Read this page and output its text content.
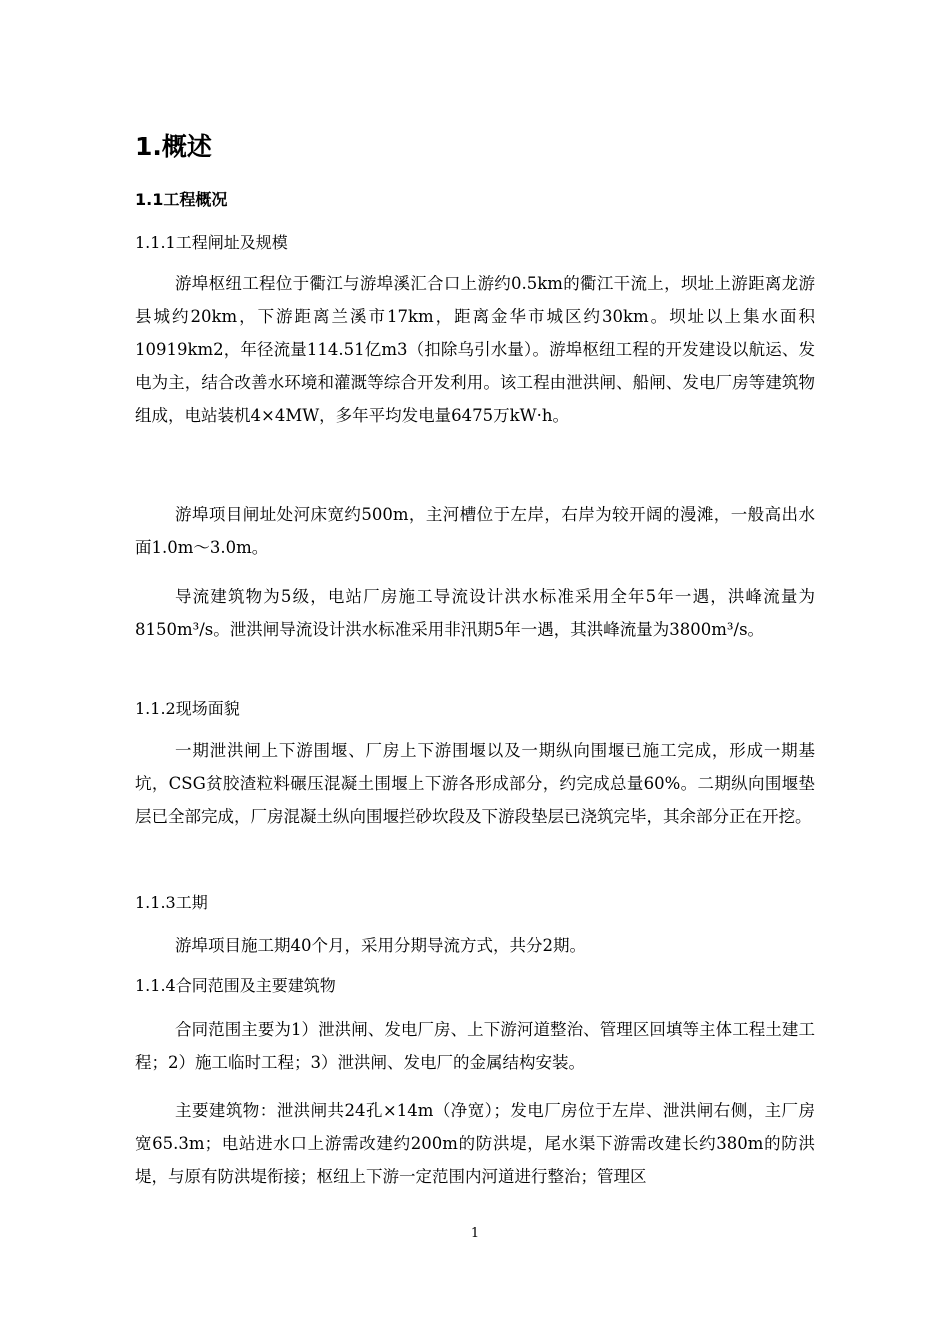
1.概述
1.1工程概况
1.1.1工程闸址及规模

游埠枢纽工程位于衢江与游埠溪汇合口上游约0.5km的衢江干流上，坝址上游距离龙游县城约20km，下游距离兰溪市17km，距离金华市城区约30km。坝址以上集水面积10919km2，年径流量114.51亿m3（扣除乌引水量）。游埠枢纽工程的开发建设以航运、发电为主，结合改善水环境和灌溉等综合开发利用。该工程由泄洪闸、船闸、发电厂房等建筑物组成，电站装机4×4MW，多年平均发电量6475万kW·h。

游埠项目闸址处河床宽约500m，主河槽位于左岸，右岸为较开阔的漫滩，一般高出水面1.0m～3.0m。

导流建筑物为5级，电站厂房施工导流设计洪水标准采用全年5年一遇，洪峰流量为8150m³/s。泄洪闸导流设计洪水标准采用非汛期5年一遇，其洪峰流量为3800m³/s。

1.1.2现场面貌

一期泄洪闸上下游围堰、厂房上下游围堰以及一期纵向围堰已施工完成，形成一期基坑，CSG贫胶渣粒料碾压混凝土围堰上下游各形成部分，约完成总量60%。二期纵向围堰垫层已全部完成，厂房混凝土纵向围堰拦砂坎段及下游段垫层已浇筑完毕，其余部分正在开挖。

1.1.3工期

游埠项目施工期40个月，采用分期导流方式，共分2期。

1.1.4合同范围及主要建筑物

合同范围主要为1）泄洪闸、发电厂房、上下游河道整治、管理区回填等主体工程土建工程；2）施工临时工程；3）泄洪闸、发电厂的金属结构安装。

主要建筑物：泄洪闸共24孔×14m（净宽）；发电厂房位于左岸、泄洪闸右侧，主厂房宽65.3m；电站进水口上游需改建约200m的防洪堤，尾水渠下游需改建长约380m的防洪堤，与原有防洪堤衔接；枢纽上下游一定范围内河道进行整治；管理区

1
